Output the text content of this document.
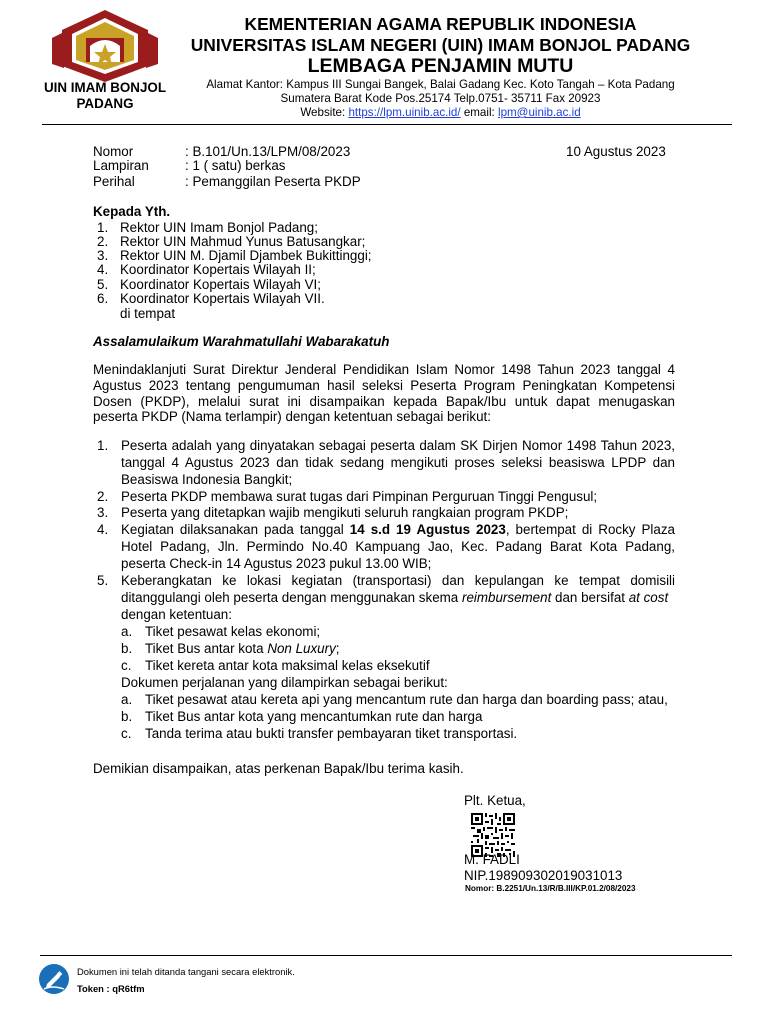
UIN IMAM BONJOL
PADANG
KEMENTERIAN AGAMA REPUBLIK INDONESIA
UNIVERSITAS ISLAM NEGERI (UIN) IMAM BONJOL PADANG
LEMBAGA PENJAMIN MUTU
Alamat Kantor: Kampus III Sungai Bangek, Balai Gadang Kec. Koto Tangah – Kota Padang
Sumatera Barat Kode Pos.25174 Telp.0751- 35711 Fax 20923
Website: https://lpm.uinib.ac.id/ email: lpm@uinib.ac.id
Nomor	: B.101/Un.13/LPM/08/2023	10 Agustus 2023
Lampiran	: 1 ( satu) berkas
Perihal	: Pemanggilan Peserta PKDP
Kepada Yth.
1. Rektor UIN Imam Bonjol Padang;
2. Rektor UIN Mahmud Yunus Batusangkar;
3. Rektor UIN M. Djamil Djambek Bukittinggi;
4. Koordinator Kopertais Wilayah II;
5. Koordinator Kopertais Wilayah VI;
6. Koordinator Kopertais Wilayah VII.
di tempat
Assalamulaikum Warahmatullahi Wabarakatuh
Menindaklanjuti Surat Direktur Jenderal Pendidikan Islam Nomor 1498 Tahun 2023 tanggal 4
Agustus 2023 tentang pengumuman hasil seleksi Peserta Program Peningkatan Kompetensi
Dosen (PKDP), melalui surat ini disampaikan kepada Bapak/Ibu untuk dapat menugaskan
peserta PKDP (Nama terlampir) dengan ketentuan sebagai berikut:
1. Peserta adalah yang dinyatakan sebagai peserta dalam SK Dirjen Nomor 1498 Tahun 2023,
tanggal 4 Agustus 2023 dan tidak sedang mengikuti proses seleksi beasiswa LPDP dan
Beasiswa Indonesia Bangkit;
2. Peserta PKDP membawa surat tugas dari Pimpinan Perguruan Tinggi Pengusul;
3. Peserta yang ditetapkan wajib mengikuti seluruh rangkaian program PKDP;
4. Kegiatan dilaksanakan pada tanggal 14 s.d 19 Agustus 2023, bertempat di Rocky Plaza
Hotel Padang, Jln. Permindo No.40 Kampuang Jao, Kec. Padang Barat Kota Padang,
peserta Check-in 14 Agustus 2023 pukul 13.00 WIB;
5. Keberangkatan ke lokasi kegiatan (transportasi) dan kepulangan ke tempat domisili
ditanggulangi oleh peserta dengan menggunakan skema reimbursement dan bersifat at cost
dengan ketentuan:
a. Tiket pesawat kelas ekonomi;
b. Tiket Bus antar kota Non Luxury;
c. Tiket kereta antar kota maksimal kelas eksekutif
Dokumen perjalanan yang dilampirkan sebagai berikut:
a. Tiket pesawat atau kereta api yang mencantum rute dan harga dan boarding pass; atau,
b. Tiket Bus antar kota yang mencantumkan rute dan harga
c. Tanda terima atau bukti transfer pembayaran tiket transportasi.
Demikian disampaikan, atas perkenan Bapak/Ibu terima kasih.
Plt. Ketua,
M. FADLI
NIP.198909302019031013
Nomor: B.2251/Un.13/R/B.III/KP.01.2/08/2023
Dokumen ini telah ditanda tangani secara elektronik.
Token : qR6tfm
